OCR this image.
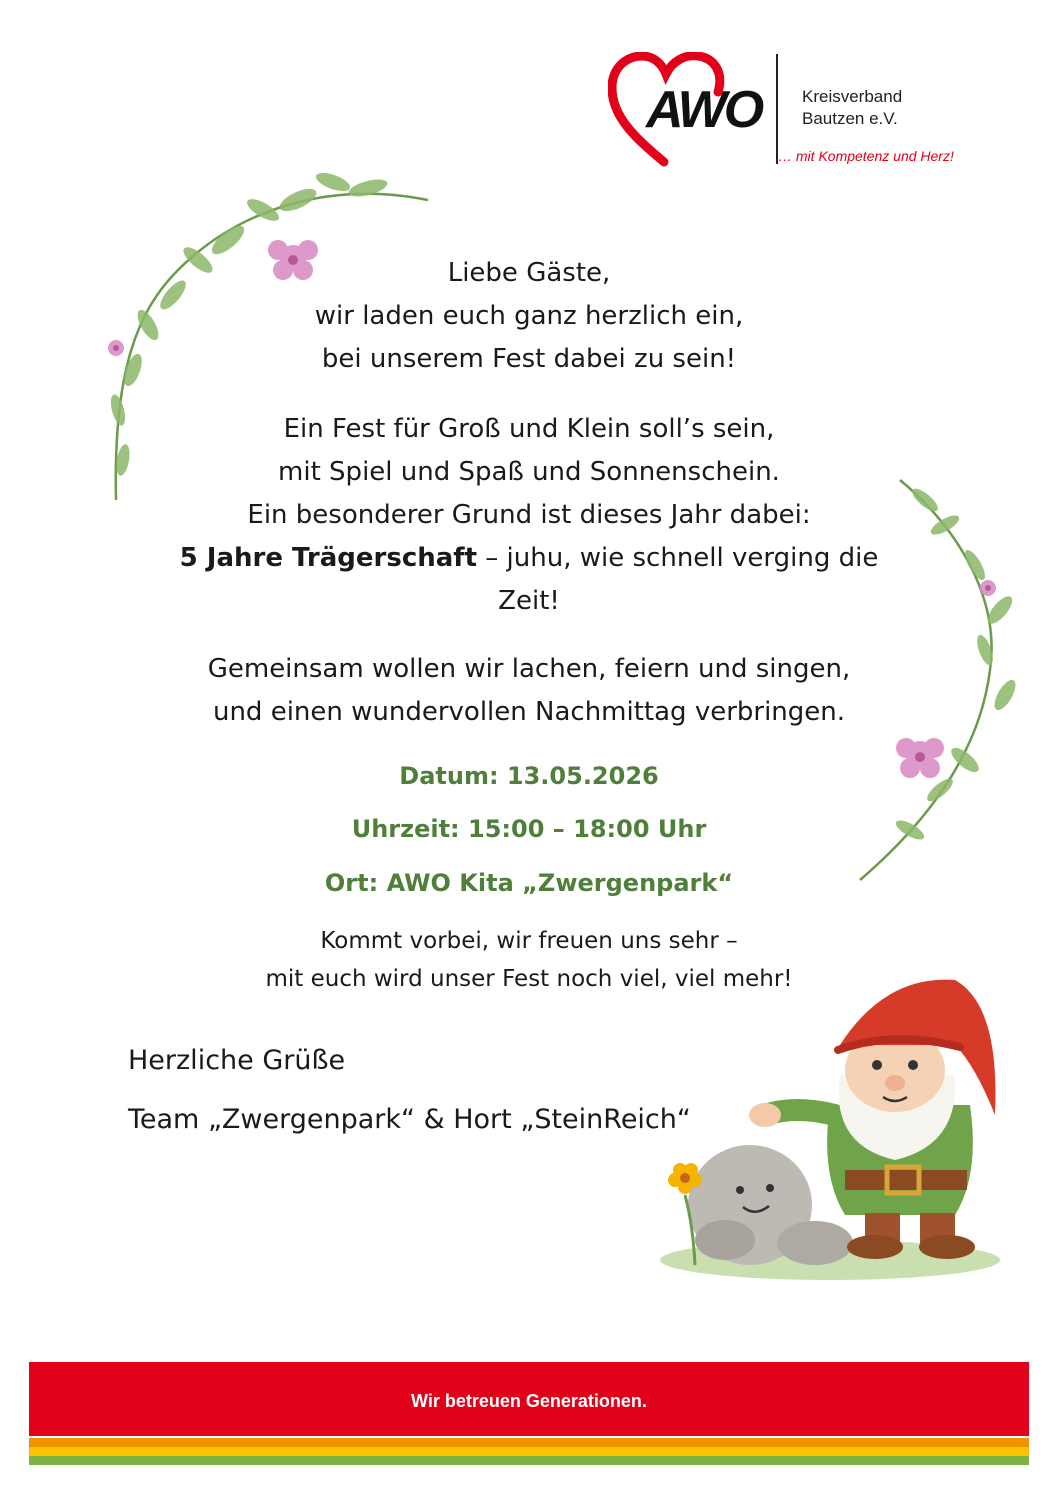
AWO Kreisverband
Bautzen e.V.
… mit Kompetenz und Herz!
Liebe Gäste,
wir laden euch ganz herzlich ein,
bei unserem Fest dabei zu sein!
Ein Fest für Groß und Klein soll’s sein,
mit Spiel und Spaß und Sonnenschein.
Ein besonderer Grund ist dieses Jahr dabei:
5 Jahre Trägerschaft – juhu, wie schnell verging die
Zeit!
Gemeinsam wollen wir lachen, feiern und singen,
und einen wundervollen Nachmittag verbringen.
Datum: 13.05.2026
Uhrzeit: 15:00 – 18:00 Uhr
Ort: AWO Kita „Zwergenpark“
Kommt vorbei, wir freuen uns sehr –
mit euch wird unser Fest noch viel, viel mehr!
Herzliche Grüße
Team „Zwergenpark“ & Hort „SteinReich“
Wir betreuen Generationen.
